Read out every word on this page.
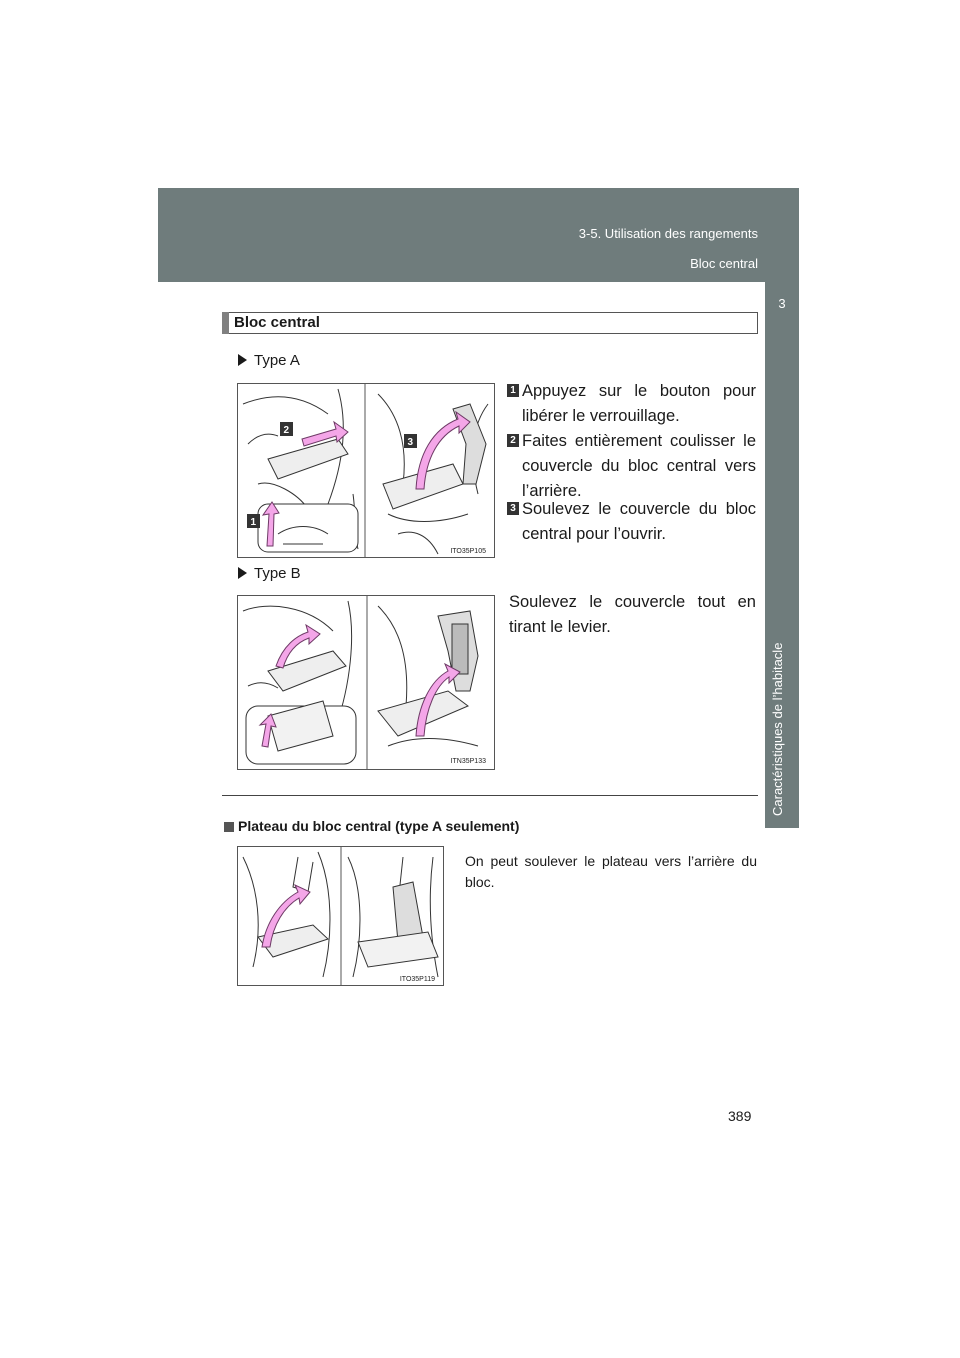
3-5. Utilisation des rangements
Bloc central
3
Caractéristiques de l’habitacle
Bloc central
Type A
2
3
1
ITO35P105
1 Appuyez sur le bouton pour libérer le verrouillage.
2 Faites entièrement coulisser le couvercle du bloc central vers l’arrière.
3 Soulevez le couvercle du bloc central pour l’ouvrir.
Type B
ITN35P133
Soulevez le couvercle tout en tirant le levier.
Plateau du bloc central (type A seulement)
ITO35P119
On peut soulever le plateau vers l’arrière du bloc.
389
